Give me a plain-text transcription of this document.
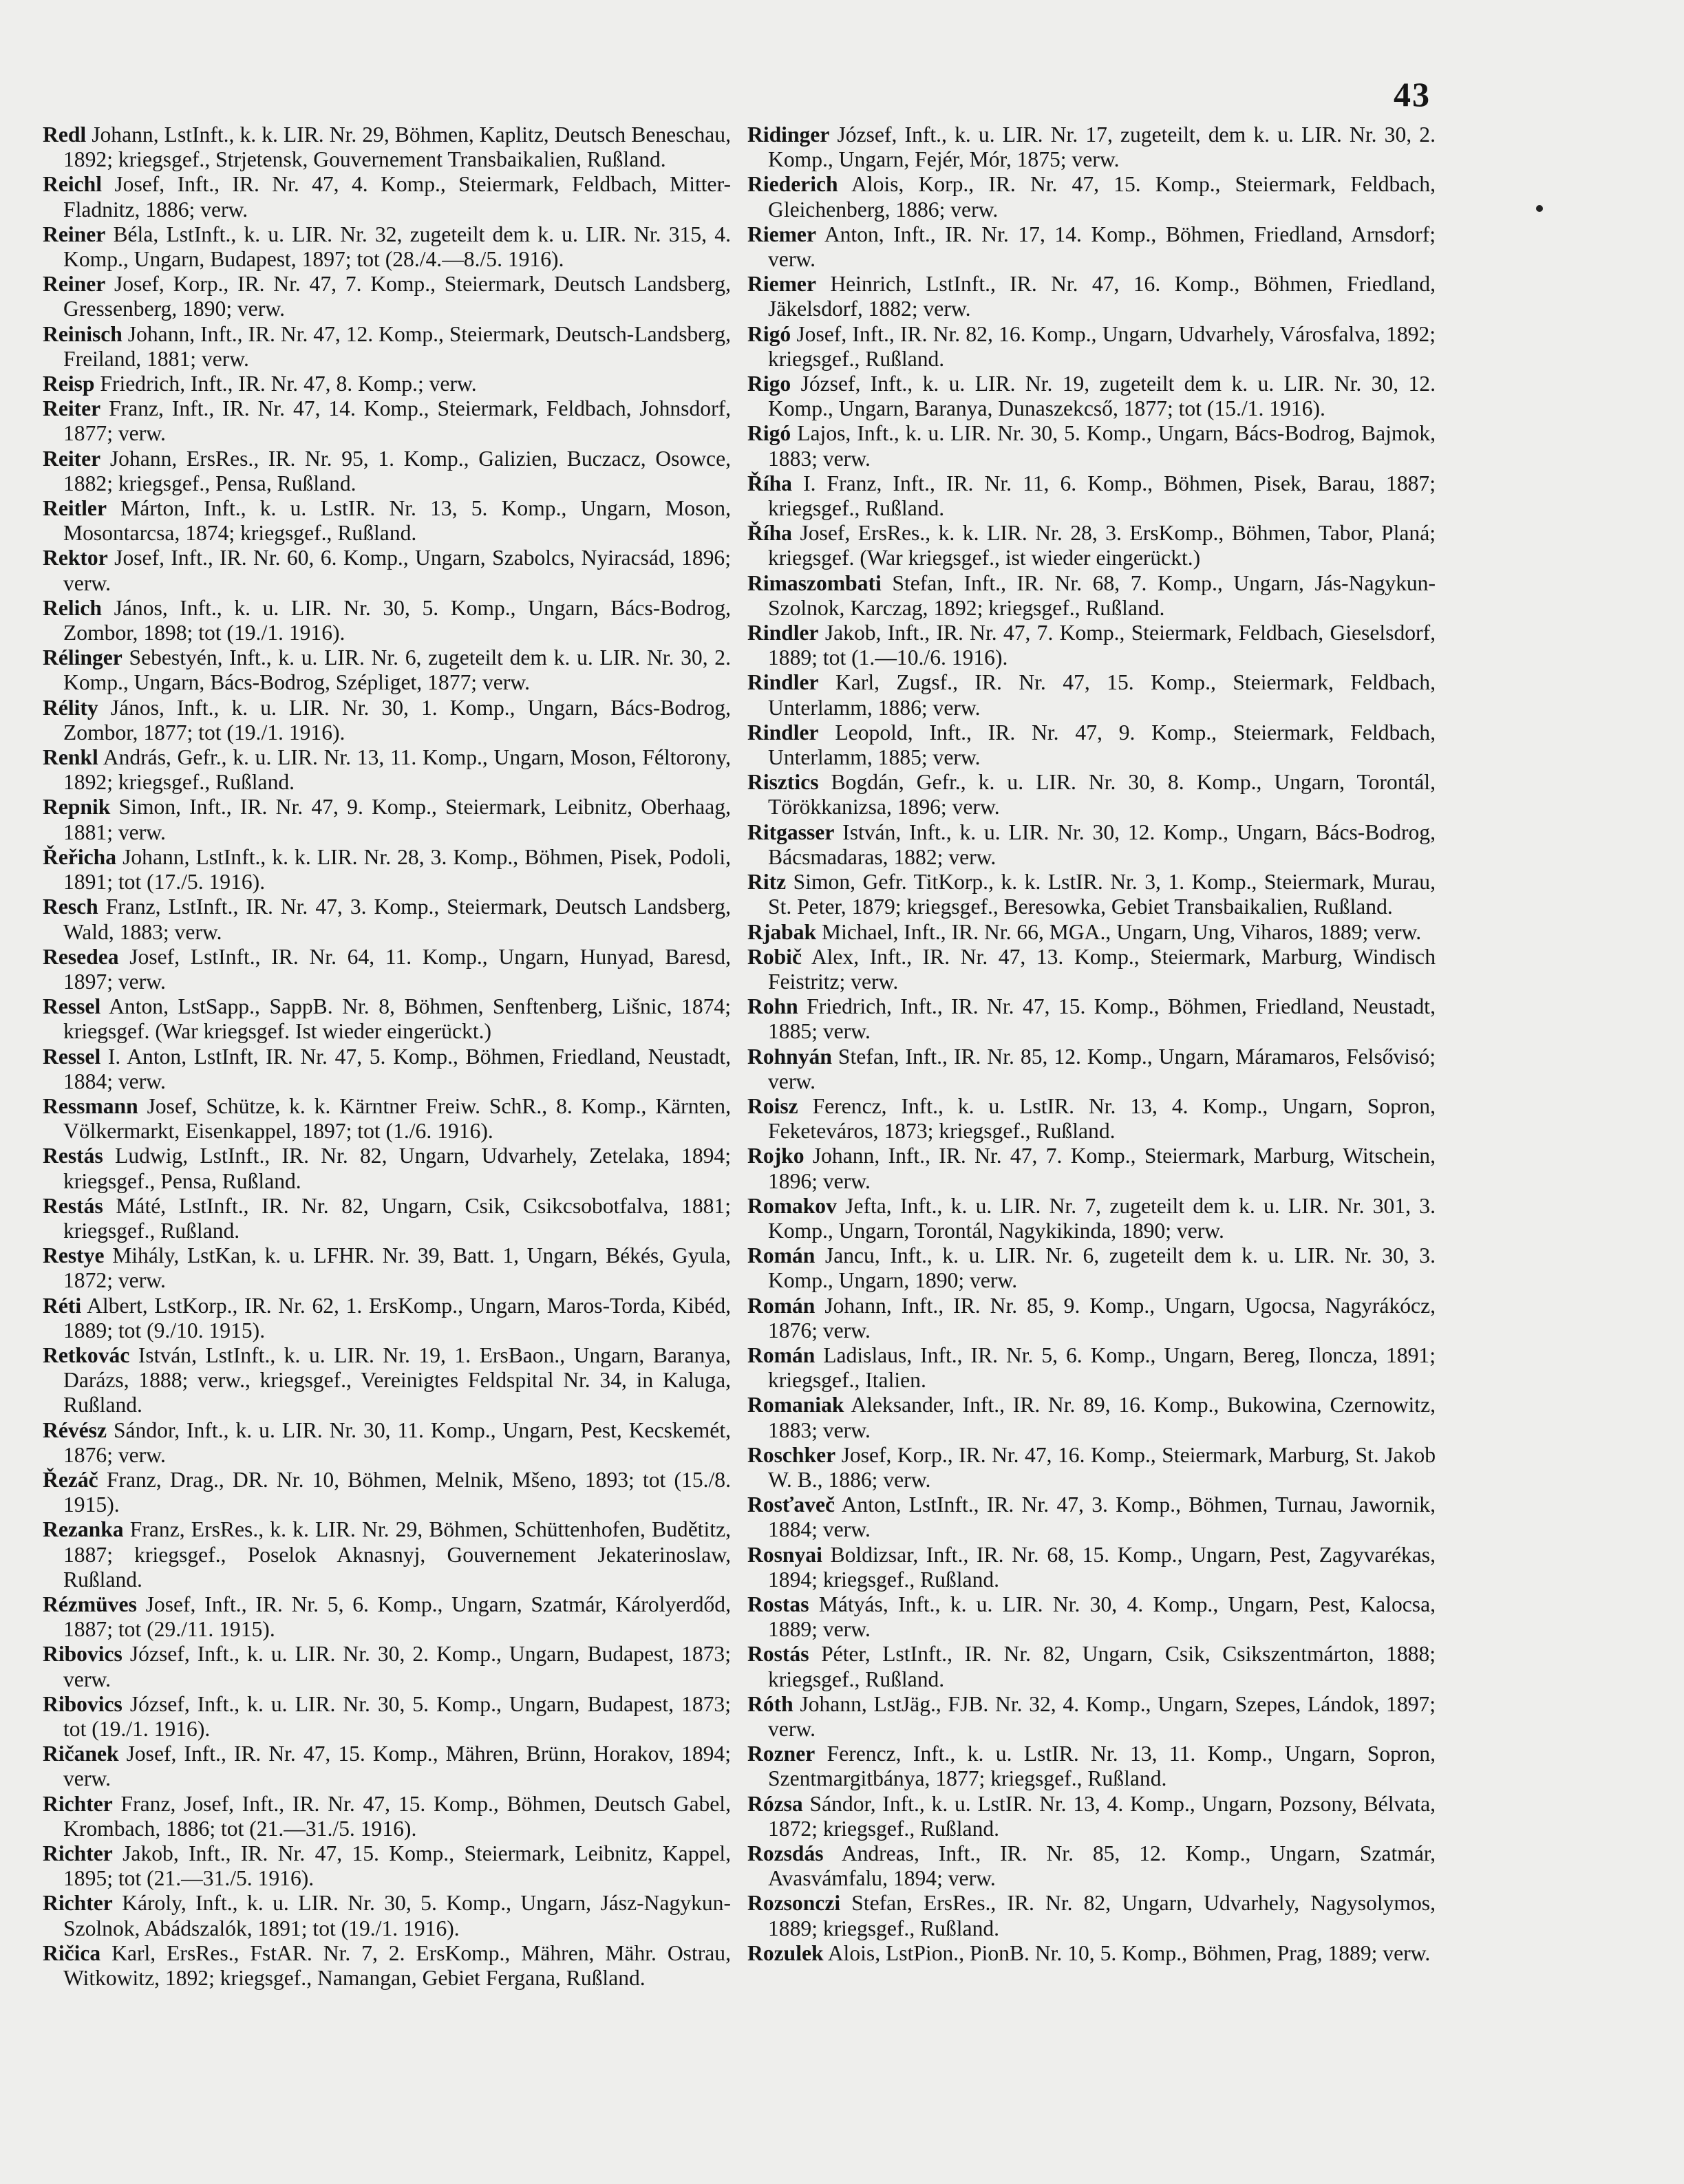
43

Redl Johann, LstInft., k. k. LIR. Nr. 29, Böhmen, Kaplitz, Deutsch Beneschau, 1892; kriegsgef., Strjetensk, Gouvernement Transbaikalien, Rußland.

Reichl Josef, Inft., IR. Nr. 47, 4. Komp., Steiermark, Feldbach, Mitter-Fladnitz, 1886; verw.

Reiner Béla, LstInft., k. u. LIR. Nr. 32, zugeteilt dem k. u. LIR. Nr. 315, 4. Komp., Ungarn, Budapest, 1897; tot (28./4.—8./5. 1916).

Reiner Josef, Korp., IR. Nr. 47, 7. Komp., Steiermark, Deutsch Landsberg, Gressenberg, 1890; verw.

Reinisch Johann, Inft., IR. Nr. 47, 12. Komp., Steiermark, Deutsch-Landsberg, Freiland, 1881; verw.

Reisp Friedrich, Inft., IR. Nr. 47, 8. Komp.; verw.

Reiter Franz, Inft., IR. Nr. 47, 14. Komp., Steiermark, Feldbach, Johnsdorf, 1877; verw.

Reiter Johann, ErsRes., IR. Nr. 95, 1. Komp., Galizien, Buczacz, Osowce, 1882; kriegsgef., Pensa, Rußland.

Reitler Márton, Inft., k. u. LstIR. Nr. 13, 5. Komp., Ungarn, Moson, Mosontarcsa, 1874; kriegsgef., Rußland.

Rektor Josef, Inft., IR. Nr. 60, 6. Komp., Ungarn, Szabolcs, Nyiracsád, 1896; verw.

Relich János, Inft., k. u. LIR. Nr. 30, 5. Komp., Ungarn, Bács-Bodrog, Zombor, 1898; tot (19./1. 1916).

Rélinger Sebestyén, Inft., k. u. LIR. Nr. 6, zugeteilt dem k. u. LIR. Nr. 30, 2. Komp., Ungarn, Bács-Bodrog, Szépliget, 1877; verw.

Rélity János, Inft., k. u. LIR. Nr. 30, 1. Komp., Ungarn, Bács-Bodrog, Zombor, 1877; tot (19./1. 1916).

Renkl András, Gefr., k. u. LIR. Nr. 13, 11. Komp., Ungarn, Moson, Féltorony, 1892; kriegsgef., Rußland.

Repnik Simon, Inft., IR. Nr. 47, 9. Komp., Steiermark, Leibnitz, Oberhaag, 1881; verw.

Řeřicha Johann, LstInft., k. k. LIR. Nr. 28, 3. Komp., Böhmen, Pisek, Podoli, 1891; tot (17./5. 1916).

Resch Franz, LstInft., IR. Nr. 47, 3. Komp., Steiermark, Deutsch Landsberg, Wald, 1883; verw.

Resedea Josef, LstInft., IR. Nr. 64, 11. Komp., Ungarn, Hunyad, Baresd, 1897; verw.

Ressel Anton, LstSapp., SappB. Nr. 8, Böhmen, Senftenberg, Lišnic, 1874; kriegsgef. (War kriegsgef. Ist wieder eingerückt.)

Ressel I. Anton, LstInft, IR. Nr. 47, 5. Komp., Böhmen, Friedland, Neustadt, 1884; verw.

Ressmann Josef, Schütze, k. k. Kärntner Freiw. SchR., 8. Komp., Kärnten, Völkermarkt, Eisenkappel, 1897; tot (1./6. 1916).

Restás Ludwig, LstInft., IR. Nr. 82, Ungarn, Udvarhely, Zetelaka, 1894; kriegsgef., Pensa, Rußland.

Restás Máté, LstInft., IR. Nr. 82, Ungarn, Csik, Csikcsobotfalva, 1881; kriegsgef., Rußland.

Restye Mihály, LstKan, k. u. LFHR. Nr. 39, Batt. 1, Ungarn, Békés, Gyula, 1872; verw.

Réti Albert, LstKorp., IR. Nr. 62, 1. ErsKomp., Ungarn, Maros-Torda, Kibéd, 1889; tot (9./10. 1915).

Retkovác István, LstInft., k. u. LIR. Nr. 19, 1. ErsBaon., Ungarn, Baranya, Darázs, 1888; verw., kriegsgef., Vereinigtes Feldspital Nr. 34, in Kaluga, Rußland.

Révész Sándor, Inft., k. u. LIR. Nr. 30, 11. Komp., Ungarn, Pest, Kecskemét, 1876; verw.

Řezáč Franz, Drag., DR. Nr. 10, Böhmen, Melnik, Mšeno, 1893; tot (15./8. 1915).

Rezanka Franz, ErsRes., k. k. LIR. Nr. 29, Böhmen, Schüttenhofen, Budětitz, 1887; kriegsgef., Poselok Aknasnyj, Gouvernement Jekaterinoslaw, Rußland.

Rézmüves Josef, Inft., IR. Nr. 5, 6. Komp., Ungarn, Szatmár, Károlyerdőd, 1887; tot (29./11. 1915).

Ribovics József, Inft., k. u. LIR. Nr. 30, 2. Komp., Ungarn, Budapest, 1873; verw.

Ribovics József, Inft., k. u. LIR. Nr. 30, 5. Komp., Ungarn, Budapest, 1873; tot (19./1. 1916).

Ričanek Josef, Inft., IR. Nr. 47, 15. Komp., Mähren, Brünn, Horakov, 1894; verw.

Richter Franz, Josef, Inft., IR. Nr. 47, 15. Komp., Böhmen, Deutsch Gabel, Krombach, 1886; tot (21.—31./5. 1916).

Richter Jakob, Inft., IR. Nr. 47, 15. Komp., Steiermark, Leibnitz, Kappel, 1895; tot (21.—31./5. 1916).

Richter Károly, Inft., k. u. LIR. Nr. 30, 5. Komp., Ungarn, Jász-Nagykun-Szolnok, Abádszalók, 1891; tot (19./1. 1916).

Ričica Karl, ErsRes., FstAR. Nr. 7, 2. ErsKomp., Mähren, Mähr. Ostrau, Witkowitz, 1892; kriegsgef., Namangan, Gebiet Fergana, Rußland.

Ridinger József, Inft., k. u. LIR. Nr. 17, zugeteilt, dem k. u. LIR. Nr. 30, 2. Komp., Ungarn, Fejér, Mór, 1875; verw.

Riederich Alois, Korp., IR. Nr. 47, 15. Komp., Steiermark, Feldbach, Gleichenberg, 1886; verw.

Riemer Anton, Inft., IR. Nr. 17, 14. Komp., Böhmen, Friedland, Arnsdorf; verw.

Riemer Heinrich, LstInft., IR. Nr. 47, 16. Komp., Böhmen, Friedland, Jäkelsdorf, 1882; verw.

Rigó Josef, Inft., IR. Nr. 82, 16. Komp., Ungarn, Udvarhely, Városfalva, 1892; kriegsgef., Rußland.

Rigo József, Inft., k. u. LIR. Nr. 19, zugeteilt dem k. u. LIR. Nr. 30, 12. Komp., Ungarn, Baranya, Dunaszekcső, 1877; tot (15./1. 1916).

Rigó Lajos, Inft., k. u. LIR. Nr. 30, 5. Komp., Ungarn, Bács-Bodrog, Bajmok, 1883; verw.

Říha I. Franz, Inft., IR. Nr. 11, 6. Komp., Böhmen, Pisek, Barau, 1887; kriegsgef., Rußland.

Říha Josef, ErsRes., k. k. LIR. Nr. 28, 3. ErsKomp., Böhmen, Tabor, Planá; kriegsgef. (War kriegsgef., ist wieder eingerückt.)

Rimaszombati Stefan, Inft., IR. Nr. 68, 7. Komp., Ungarn, Jás-Nagykun-Szolnok, Karczag, 1892; kriegsgef., Rußland.

Rindler Jakob, Inft., IR. Nr. 47, 7. Komp., Steiermark, Feldbach, Gieselsdorf, 1889; tot (1.—10./6. 1916).

Rindler Karl, Zugsf., IR. Nr. 47, 15. Komp., Steiermark, Feldbach, Unterlamm, 1886; verw.

Rindler Leopold, Inft., IR. Nr. 47, 9. Komp., Steiermark, Feldbach, Unterlamm, 1885; verw.

Risztics Bogdán, Gefr., k. u. LIR. Nr. 30, 8. Komp., Ungarn, Torontál, Törökkanizsa, 1896; verw.

Ritgasser István, Inft., k. u. LIR. Nr. 30, 12. Komp., Ungarn, Bács-Bodrog, Bácsmadaras, 1882; verw.

Ritz Simon, Gefr. TitKorp., k. k. LstIR. Nr. 3, 1. Komp., Steiermark, Murau, St. Peter, 1879; kriegsgef., Beresowka, Gebiet Transbaikalien, Rußland.

Rjabak Michael, Inft., IR. Nr. 66, MGA., Ungarn, Ung, Viharos, 1889; verw.

Robič Alex, Inft., IR. Nr. 47, 13. Komp., Steiermark, Marburg, Windisch Feistritz; verw.

Rohn Friedrich, Inft., IR. Nr. 47, 15. Komp., Böhmen, Friedland, Neustadt, 1885; verw.

Rohnyán Stefan, Inft., IR. Nr. 85, 12. Komp., Ungarn, Máramaros, Felsővisó; verw.

Roisz Ferencz, Inft., k. u. LstIR. Nr. 13, 4. Komp., Ungarn, Sopron, Feketeváros, 1873; kriegsgef., Rußland.

Rojko Johann, Inft., IR. Nr. 47, 7. Komp., Steiermark, Marburg, Witschein, 1896; verw.

Romakov Jefta, Inft., k. u. LIR. Nr. 7, zugeteilt dem k. u. LIR. Nr. 301, 3. Komp., Ungarn, Torontál, Nagykikinda, 1890; verw.

Román Jancu, Inft., k. u. LIR. Nr. 6, zugeteilt dem k. u. LIR. Nr. 30, 3. Komp., Ungarn, 1890; verw.

Román Johann, Inft., IR. Nr. 85, 9. Komp., Ungarn, Ugocsa, Nagyrákócz, 1876; verw.

Román Ladislaus, Inft., IR. Nr. 5, 6. Komp., Ungarn, Bereg, Ilonсza, 1891; kriegsgef., Italien.

Romaniak Aleksander, Inft., IR. Nr. 89, 16. Komp., Bukowina, Czernowitz, 1883; verw.

Roschker Josef, Korp., IR. Nr. 47, 16. Komp., Steiermark, Marburg, St. Jakob W. B., 1886; verw.

Rosťaveč Anton, LstInft., IR. Nr. 47, 3. Komp., Böhmen, Turnau, Jawornik, 1884; verw.

Rosnyai Boldizsar, Inft., IR. Nr. 68, 15. Komp., Ungarn, Pest, Zagyvarékas, 1894; kriegsgef., Rußland.

Rostas Mátyás, Inft., k. u. LIR. Nr. 30, 4. Komp., Ungarn, Pest, Kalocsa, 1889; verw.

Rostás Péter, LstInft., IR. Nr. 82, Ungarn, Csik, Csikszentmárton, 1888; kriegsgef., Rußland.

Róth Johann, LstJäg., FJB. Nr. 32, 4. Komp., Ungarn, Szepes, Lándok, 1897; verw.

Rozner Ferencz, Inft., k. u. LstIR. Nr. 13, 11. Komp., Ungarn, Sopron, Szentmargitbánya, 1877; kriegsgef., Rußland.

Rózsa Sándor, Inft., k. u. LstIR. Nr. 13, 4. Komp., Ungarn, Pozsony, Bélvata, 1872; kriegsgef., Rußland.

Rozsdás Andreas, Inft., IR. Nr. 85, 12. Komp., Ungarn, Szatmár, Avasvámfalu, 1894; verw.

Rozsonczi Stefan, ErsRes., IR. Nr. 82, Ungarn, Udvarhely, Nagysolymos, 1889; kriegsgef., Rußland.

Rozulek Alois, LstPion., PionB. Nr. 10, 5. Komp., Böhmen, Prag, 1889; verw.
